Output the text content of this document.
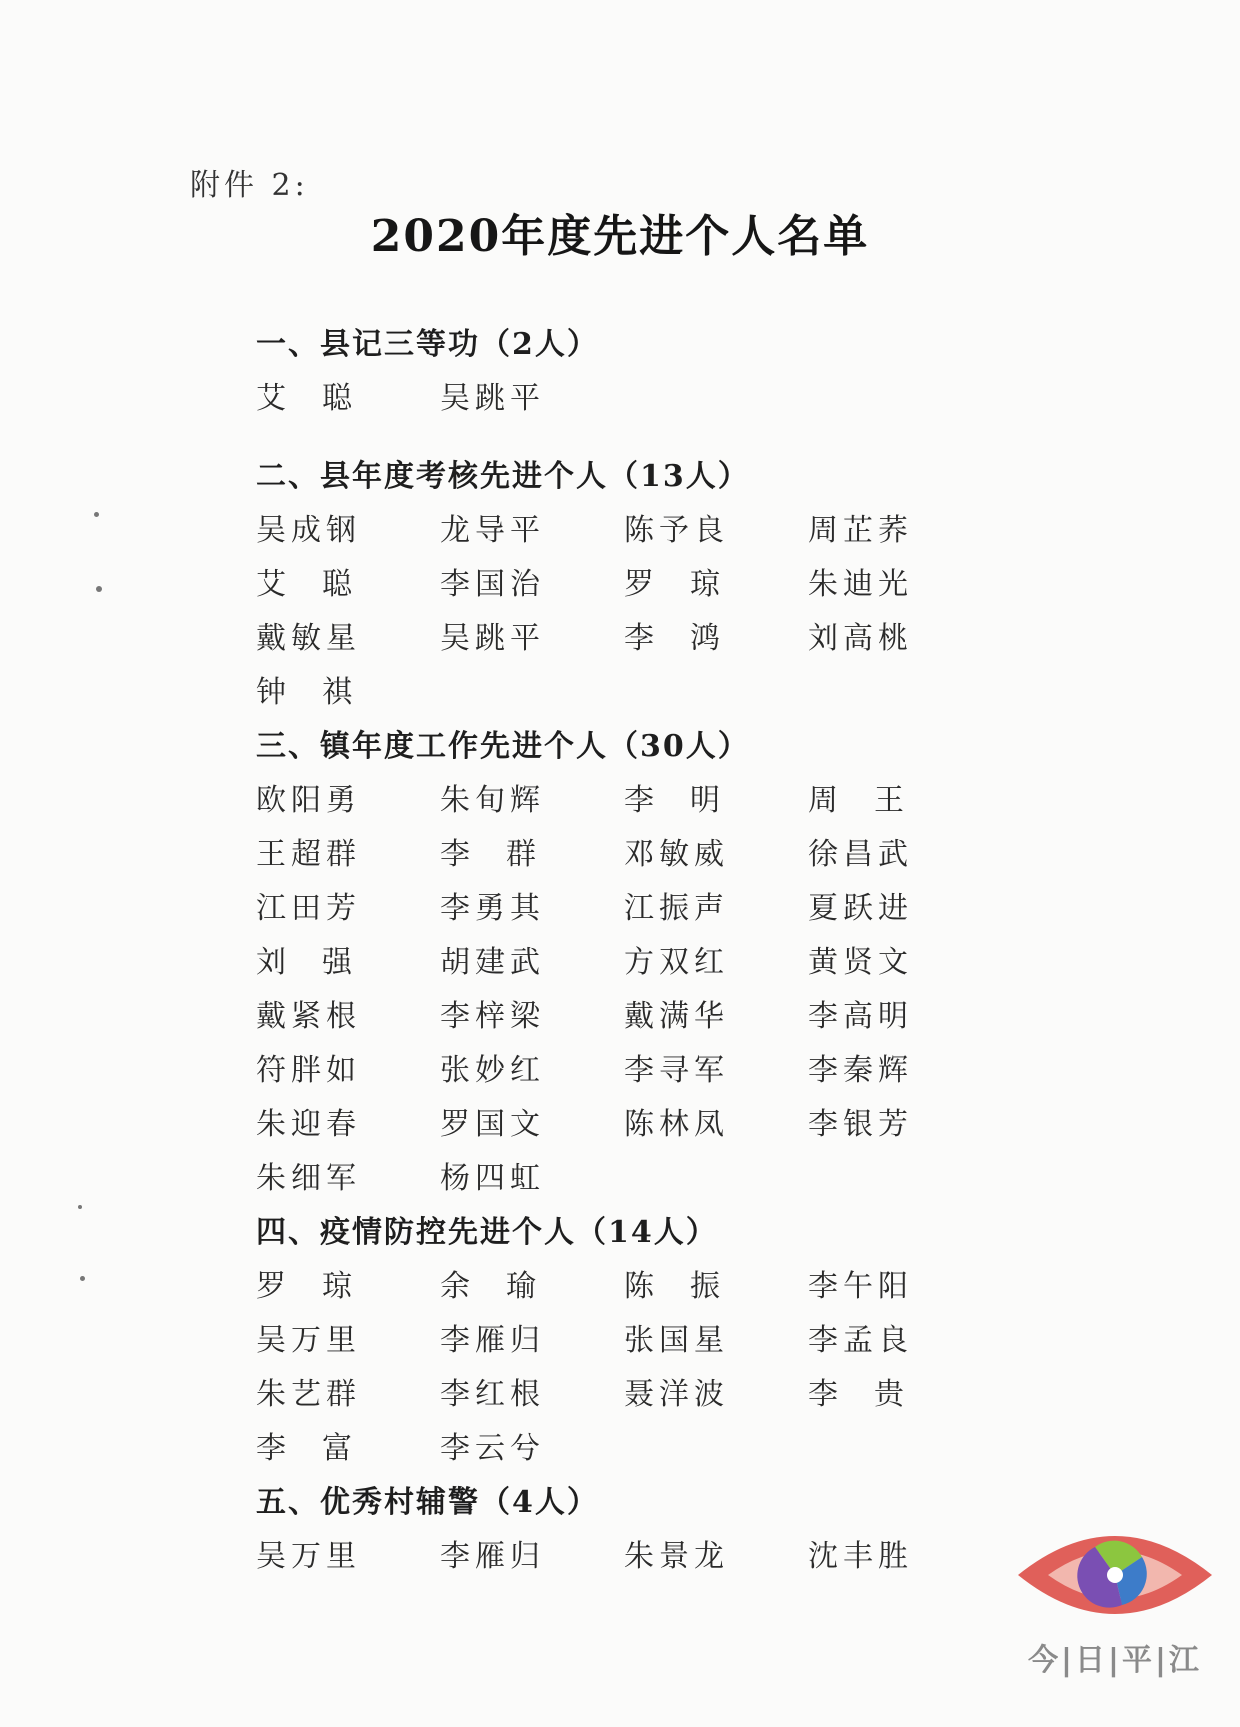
附件 2:
2020年度先进个人名单
一、县记三等功（2人）
艾聪	吴跳平
二、县年度考核先进个人（13人）
吴成钢	龙导平	陈予良	周芷荞
艾聪	李国治	罗琼	朱迪光
戴敏星	吴跳平	李鸿	刘高桃
钟祺
三、镇年度工作先进个人（30人）
欧阳勇	朱旬辉	李明	周王
王超群	李群	邓敏威	徐昌武
江田芳	李勇其	江振声	夏跃进
刘强	胡建武	方双红	黄贤文
戴紧根	李梓梁	戴满华	李高明
符胖如	张妙红	李寻军	李秦辉
朱迎春	罗国文	陈林凤	李银芳
朱细军	杨四虹
四、疫情防控先进个人（14人）
罗琼	余瑜	陈振	李午阳
吴万里	李雁归	张国星	李孟良
朱艺群	李红根	聂洋波	李贵
李富	李云兮
五、优秀村辅警（4人）
吴万里	李雁归	朱景龙	沈丰胜
今|日|平|江
